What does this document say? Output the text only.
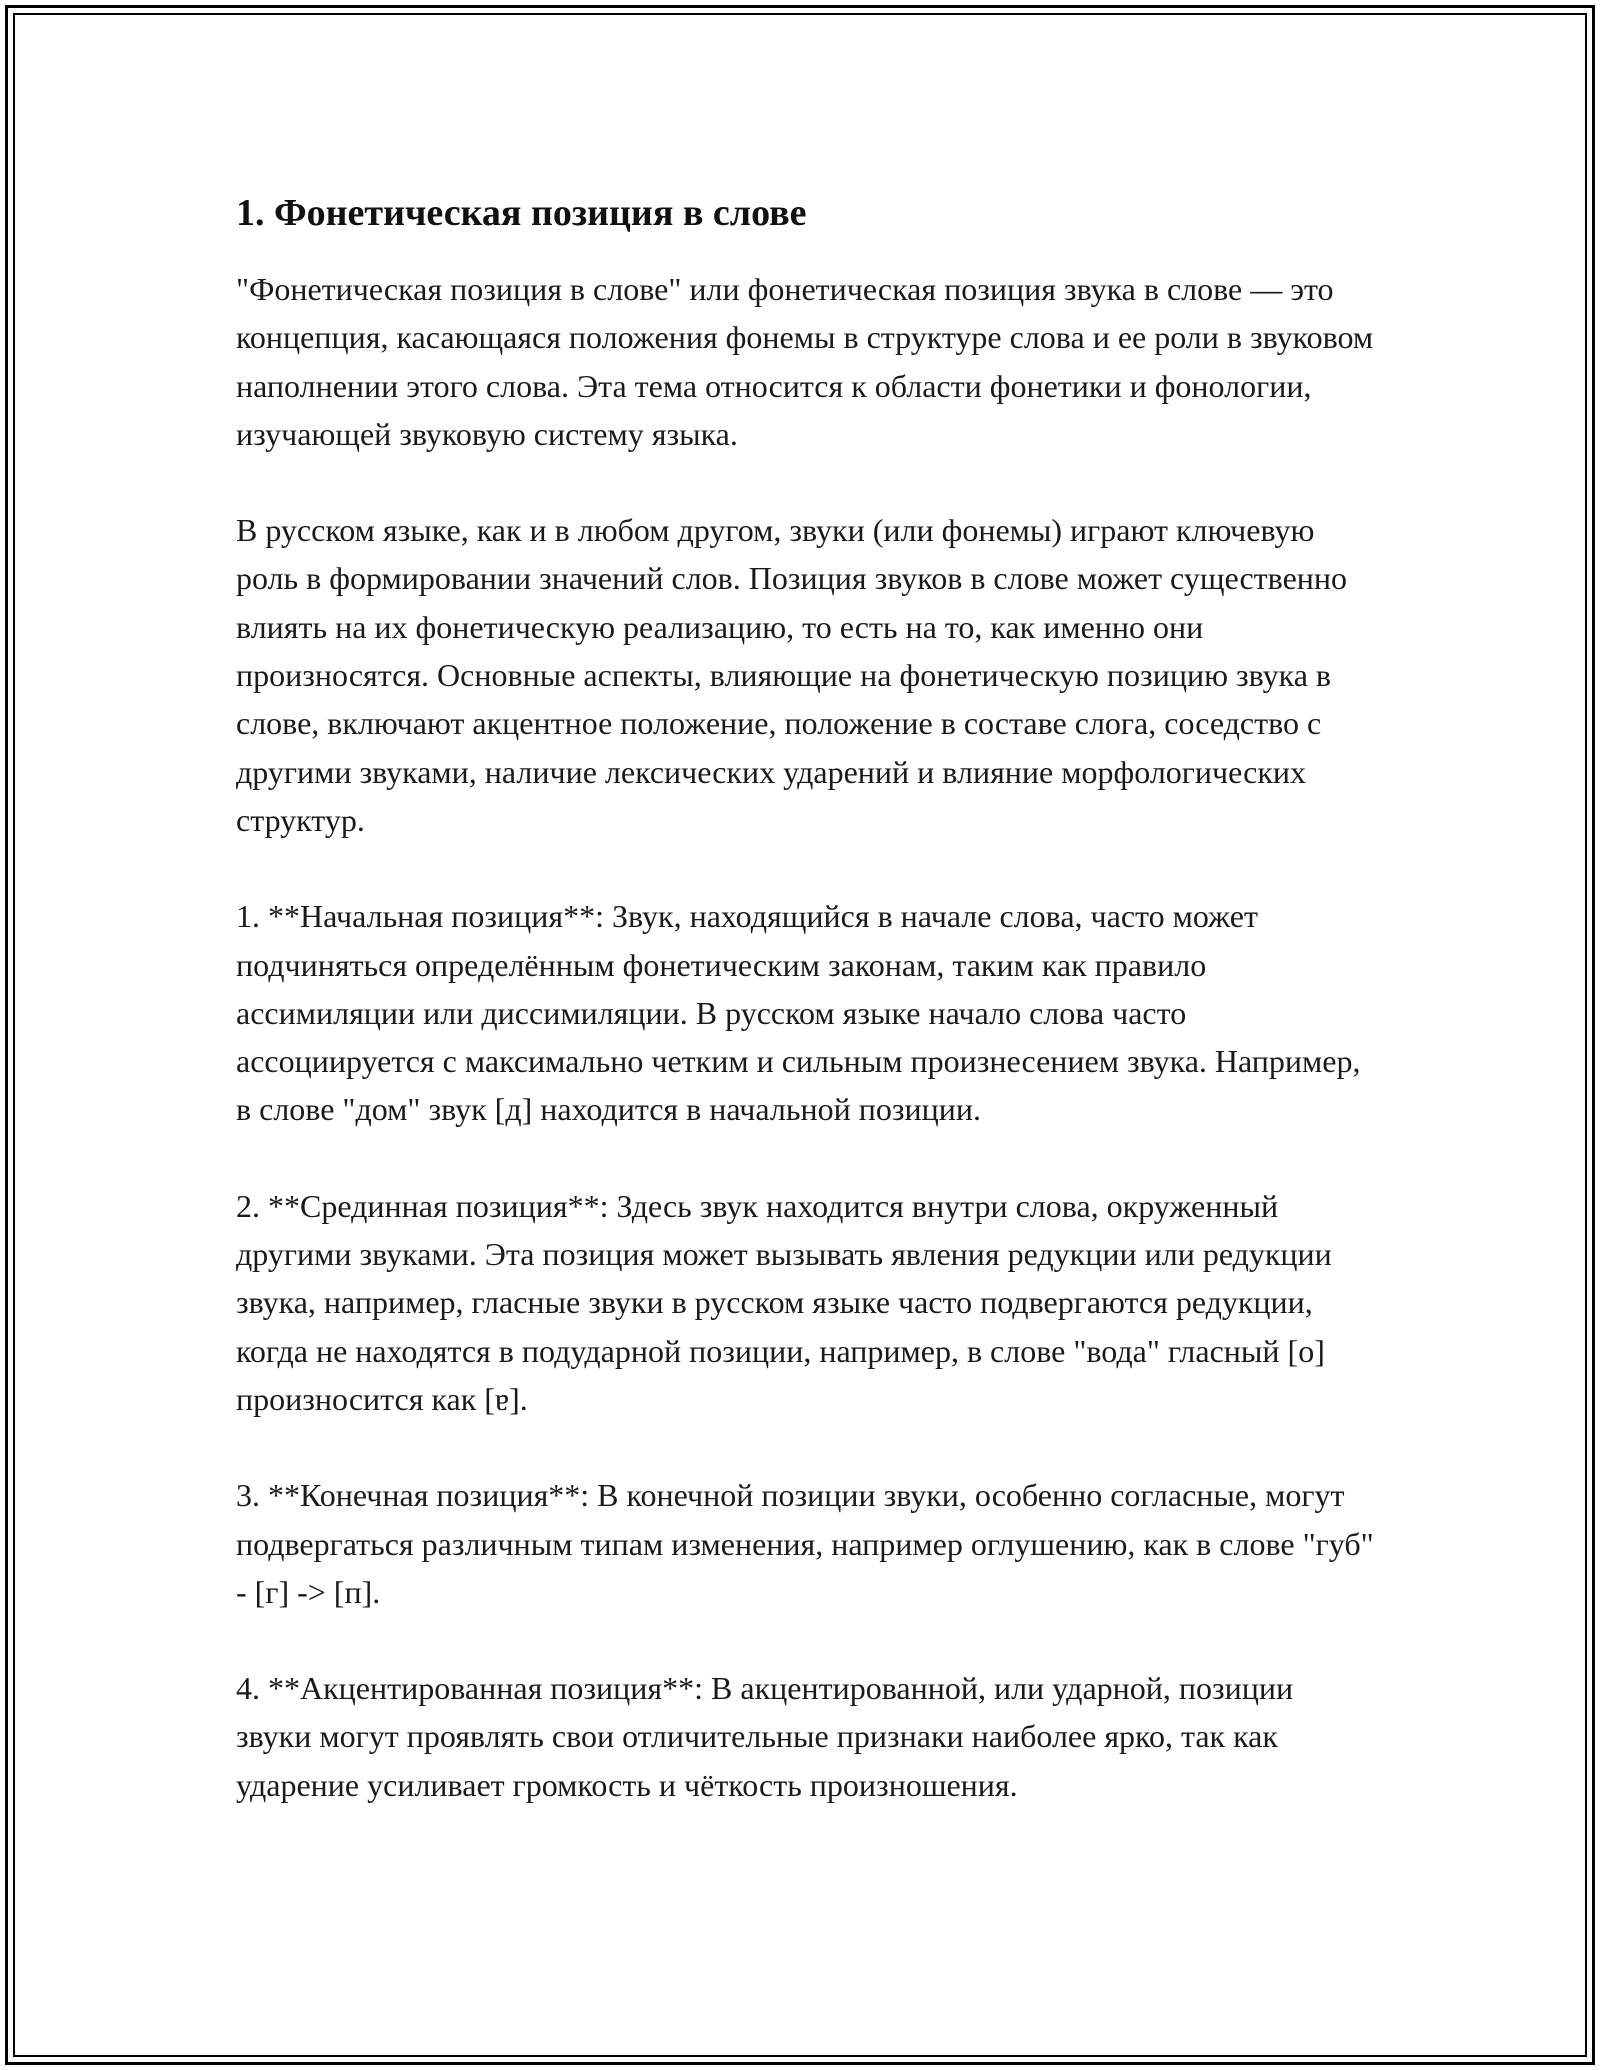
1. Фонетическая позиция в слове

"Фонетическая позиция в слове" или фонетическая позиция звука в слове — это концепция, касающаяся положения фонемы в структуре слова и ее роли в звуковом наполнении этого слова. Эта тема относится к области фонетики и фонологии, изучающей звуковую систему языка.

В русском языке, как и в любом другом, звуки (или фонемы) играют ключевую роль в формировании значений слов. Позиция звуков в слове может существенно влиять на их фонетическую реализацию, то есть на то, как именно они произносятся. Основные аспекты, влияющие на фонетическую позицию звука в слове, включают акцентное положение, положение в составе слога, соседство с другими звуками, наличие лексических ударений и влияние морфологических структур.

1. **Начальная позиция**: Звук, находящийся в начале слова, часто может подчиняться определённым фонетическим законам, таким как правило ассимиляции или диссимиляции. В русском языке начало слова часто ассоциируется с максимально четким и сильным произнесением звука. Например, в слове "дом" звук [д] находится в начальной позиции.

2. **Срединная позиция**: Здесь звук находится внутри слова, окруженный другими звуками. Эта позиция может вызывать явления редукции или редукции звука, например, гласные звуки в русском языке часто подвергаются редукции, когда не находятся в подударной позиции, например, в слове "вода" гласный [о] произносится как [ɐ].

3. **Конечная позиция**: В конечной позиции звуки, особенно согласные, могут подвергаться различным типам изменения, например оглушению, как в слове "губ" - [г] -> [п].

4. **Акцентированная позиция**: В акцентированной, или ударной, позиции звуки могут проявлять свои отличительные признаки наиболее ярко, так как ударение усиливает громкость и чёткость произношения.
